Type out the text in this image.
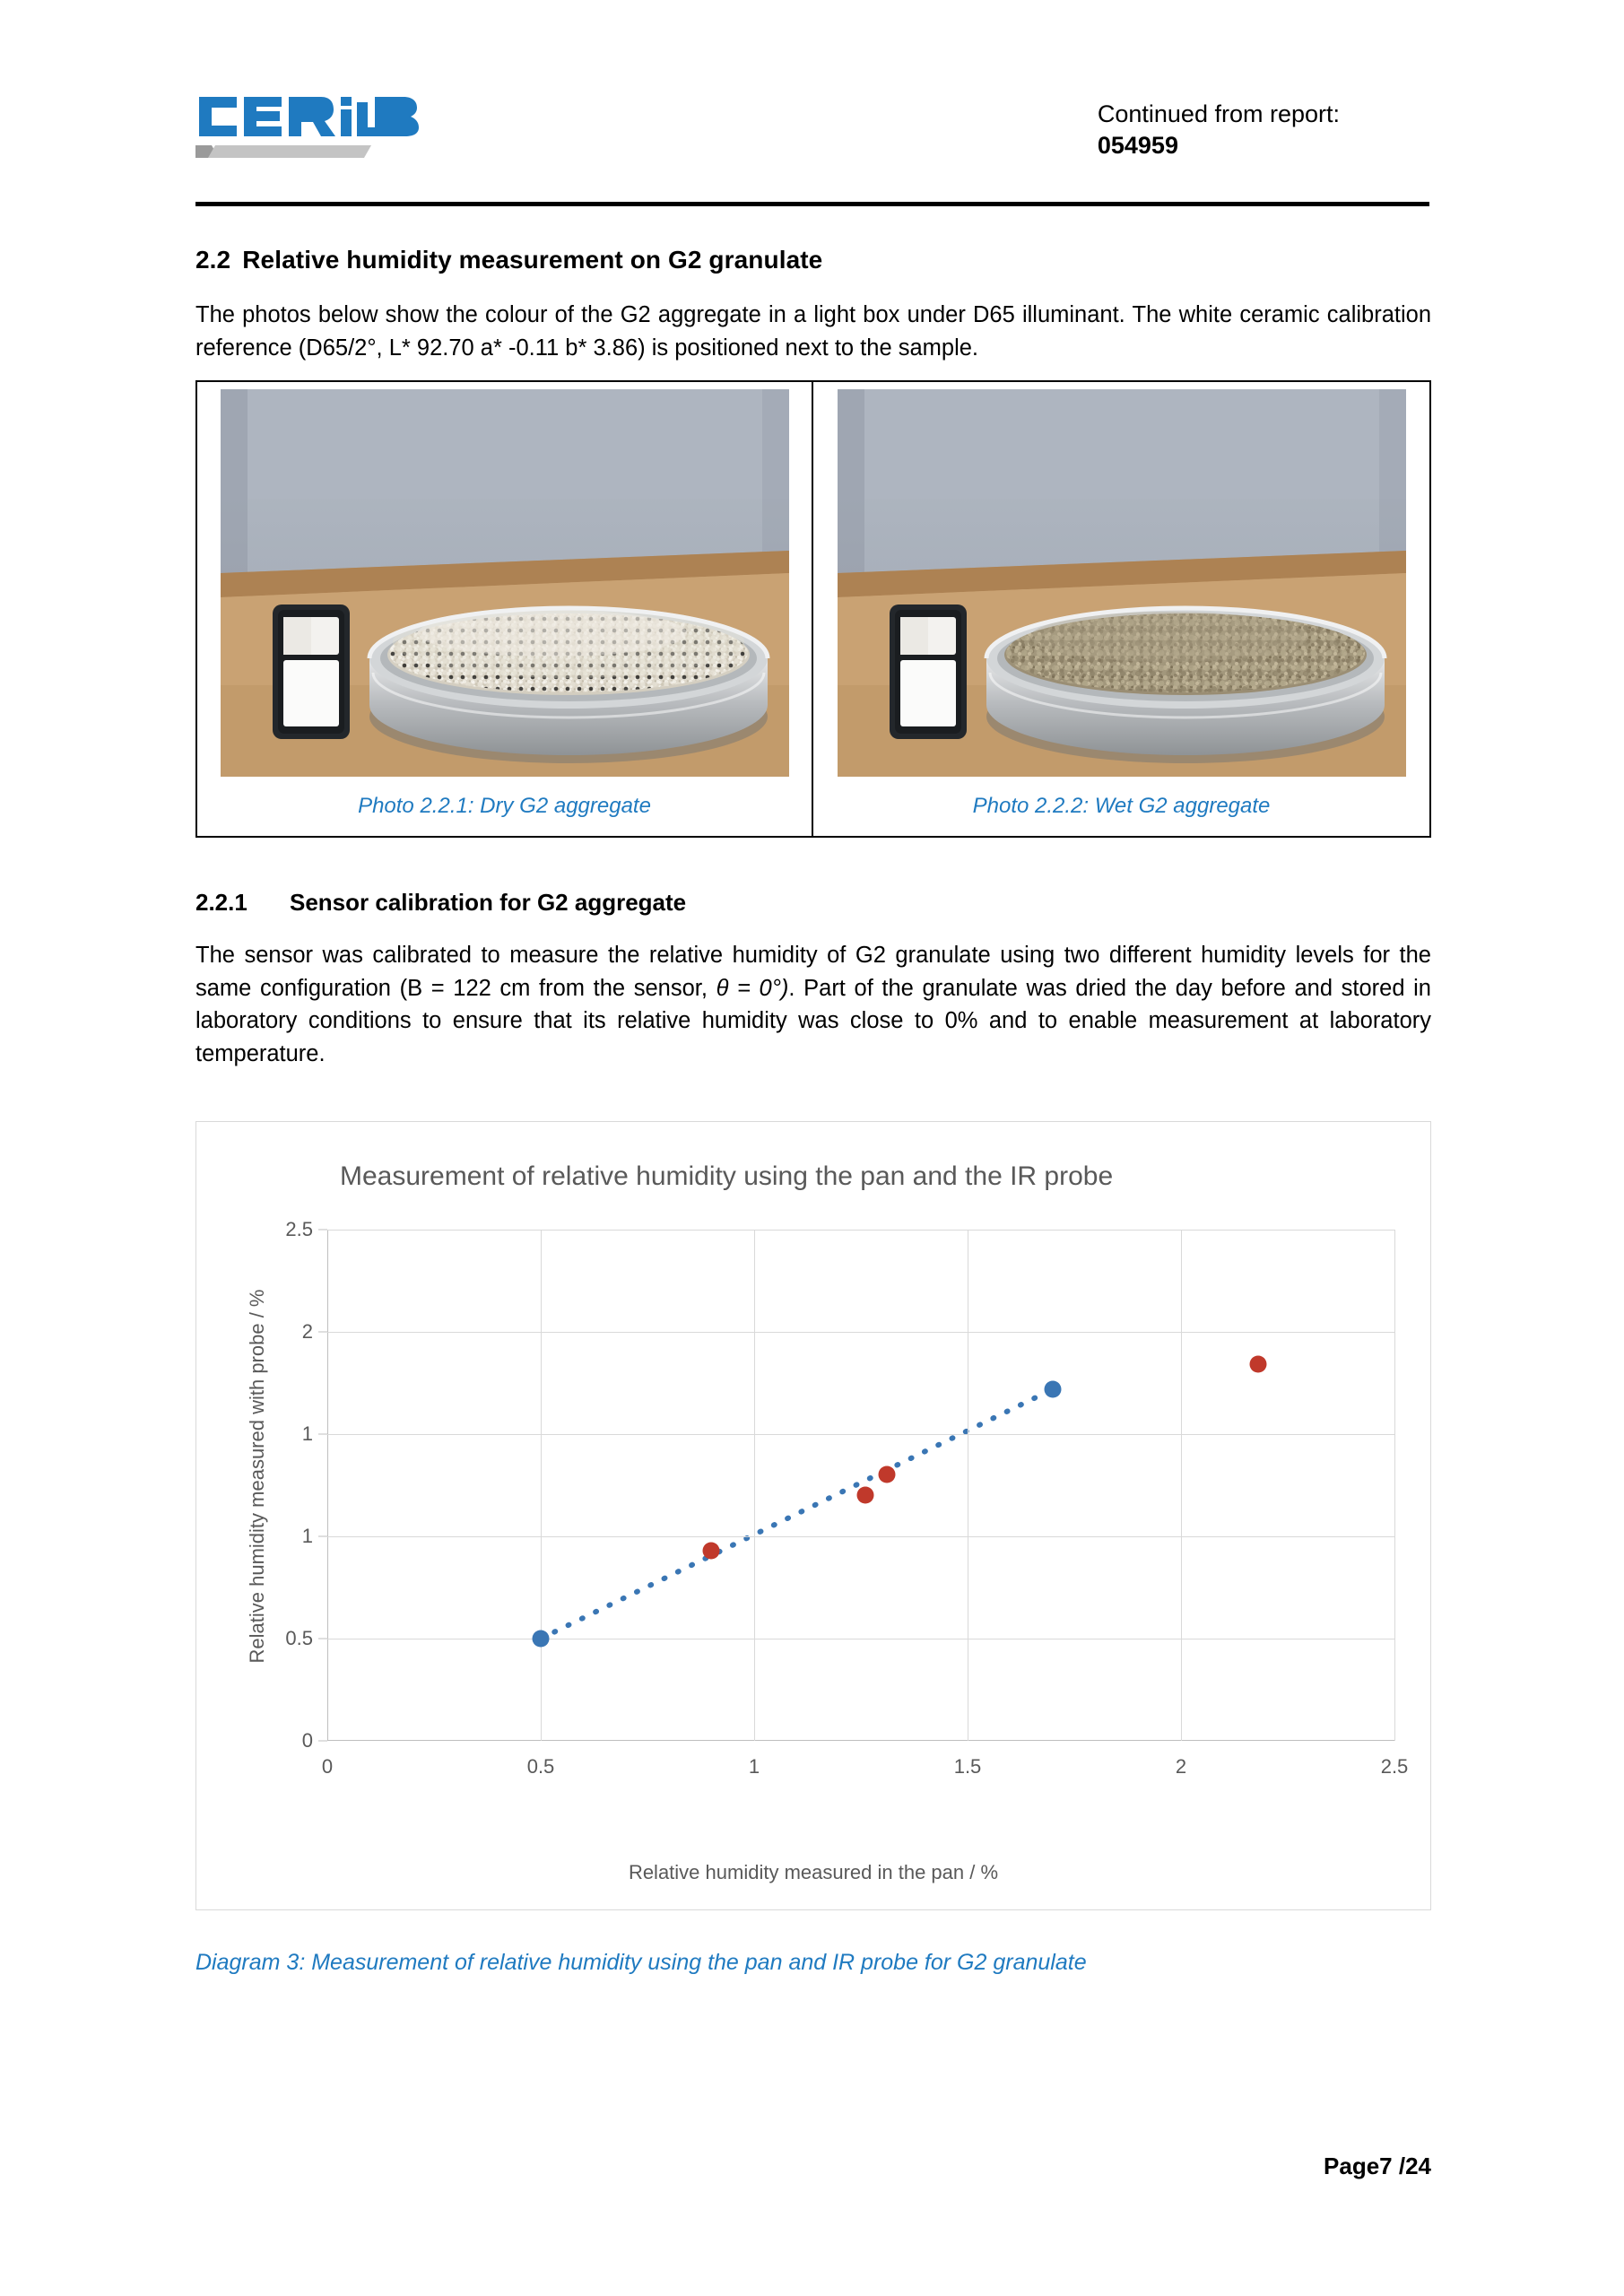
Continued from report:
054959
2.2 Relative humidity measurement on G2 granulate

The photos below show the colour of the G2 aggregate in a light box under D65 illuminant. The white ceramic calibration reference (D65/2°, L* 92.70 a* -0.11 b* 3.86) is positioned next to the sample.

Photo 2.2.1: Dry G2 aggregate	Photo 2.2.2: Wet G2 aggregate
2.2.1 Sensor calibration for G2 aggregate

The sensor was calibrated to measure the relative humidity of G2 granulate using two different humidity levels for the same configuration (B = 122 cm from the sensor, θ = 0°). Part of the granulate was dried the day before and stored in laboratory conditions to ensure that its relative humidity was close to 0% and to enable measurement at laboratory temperature.

Measurement of relative humidity using the pan and the IR probe
Relative humidity measured with probe / %
Relative humidity measured in the pan / %
0
0.5
1
1
2
2.5
0	0.5	1	1.5	2	2.5
Diagram 3: Measurement of relative humidity using the pan and IR probe for G2 granulate
Page7 /24
